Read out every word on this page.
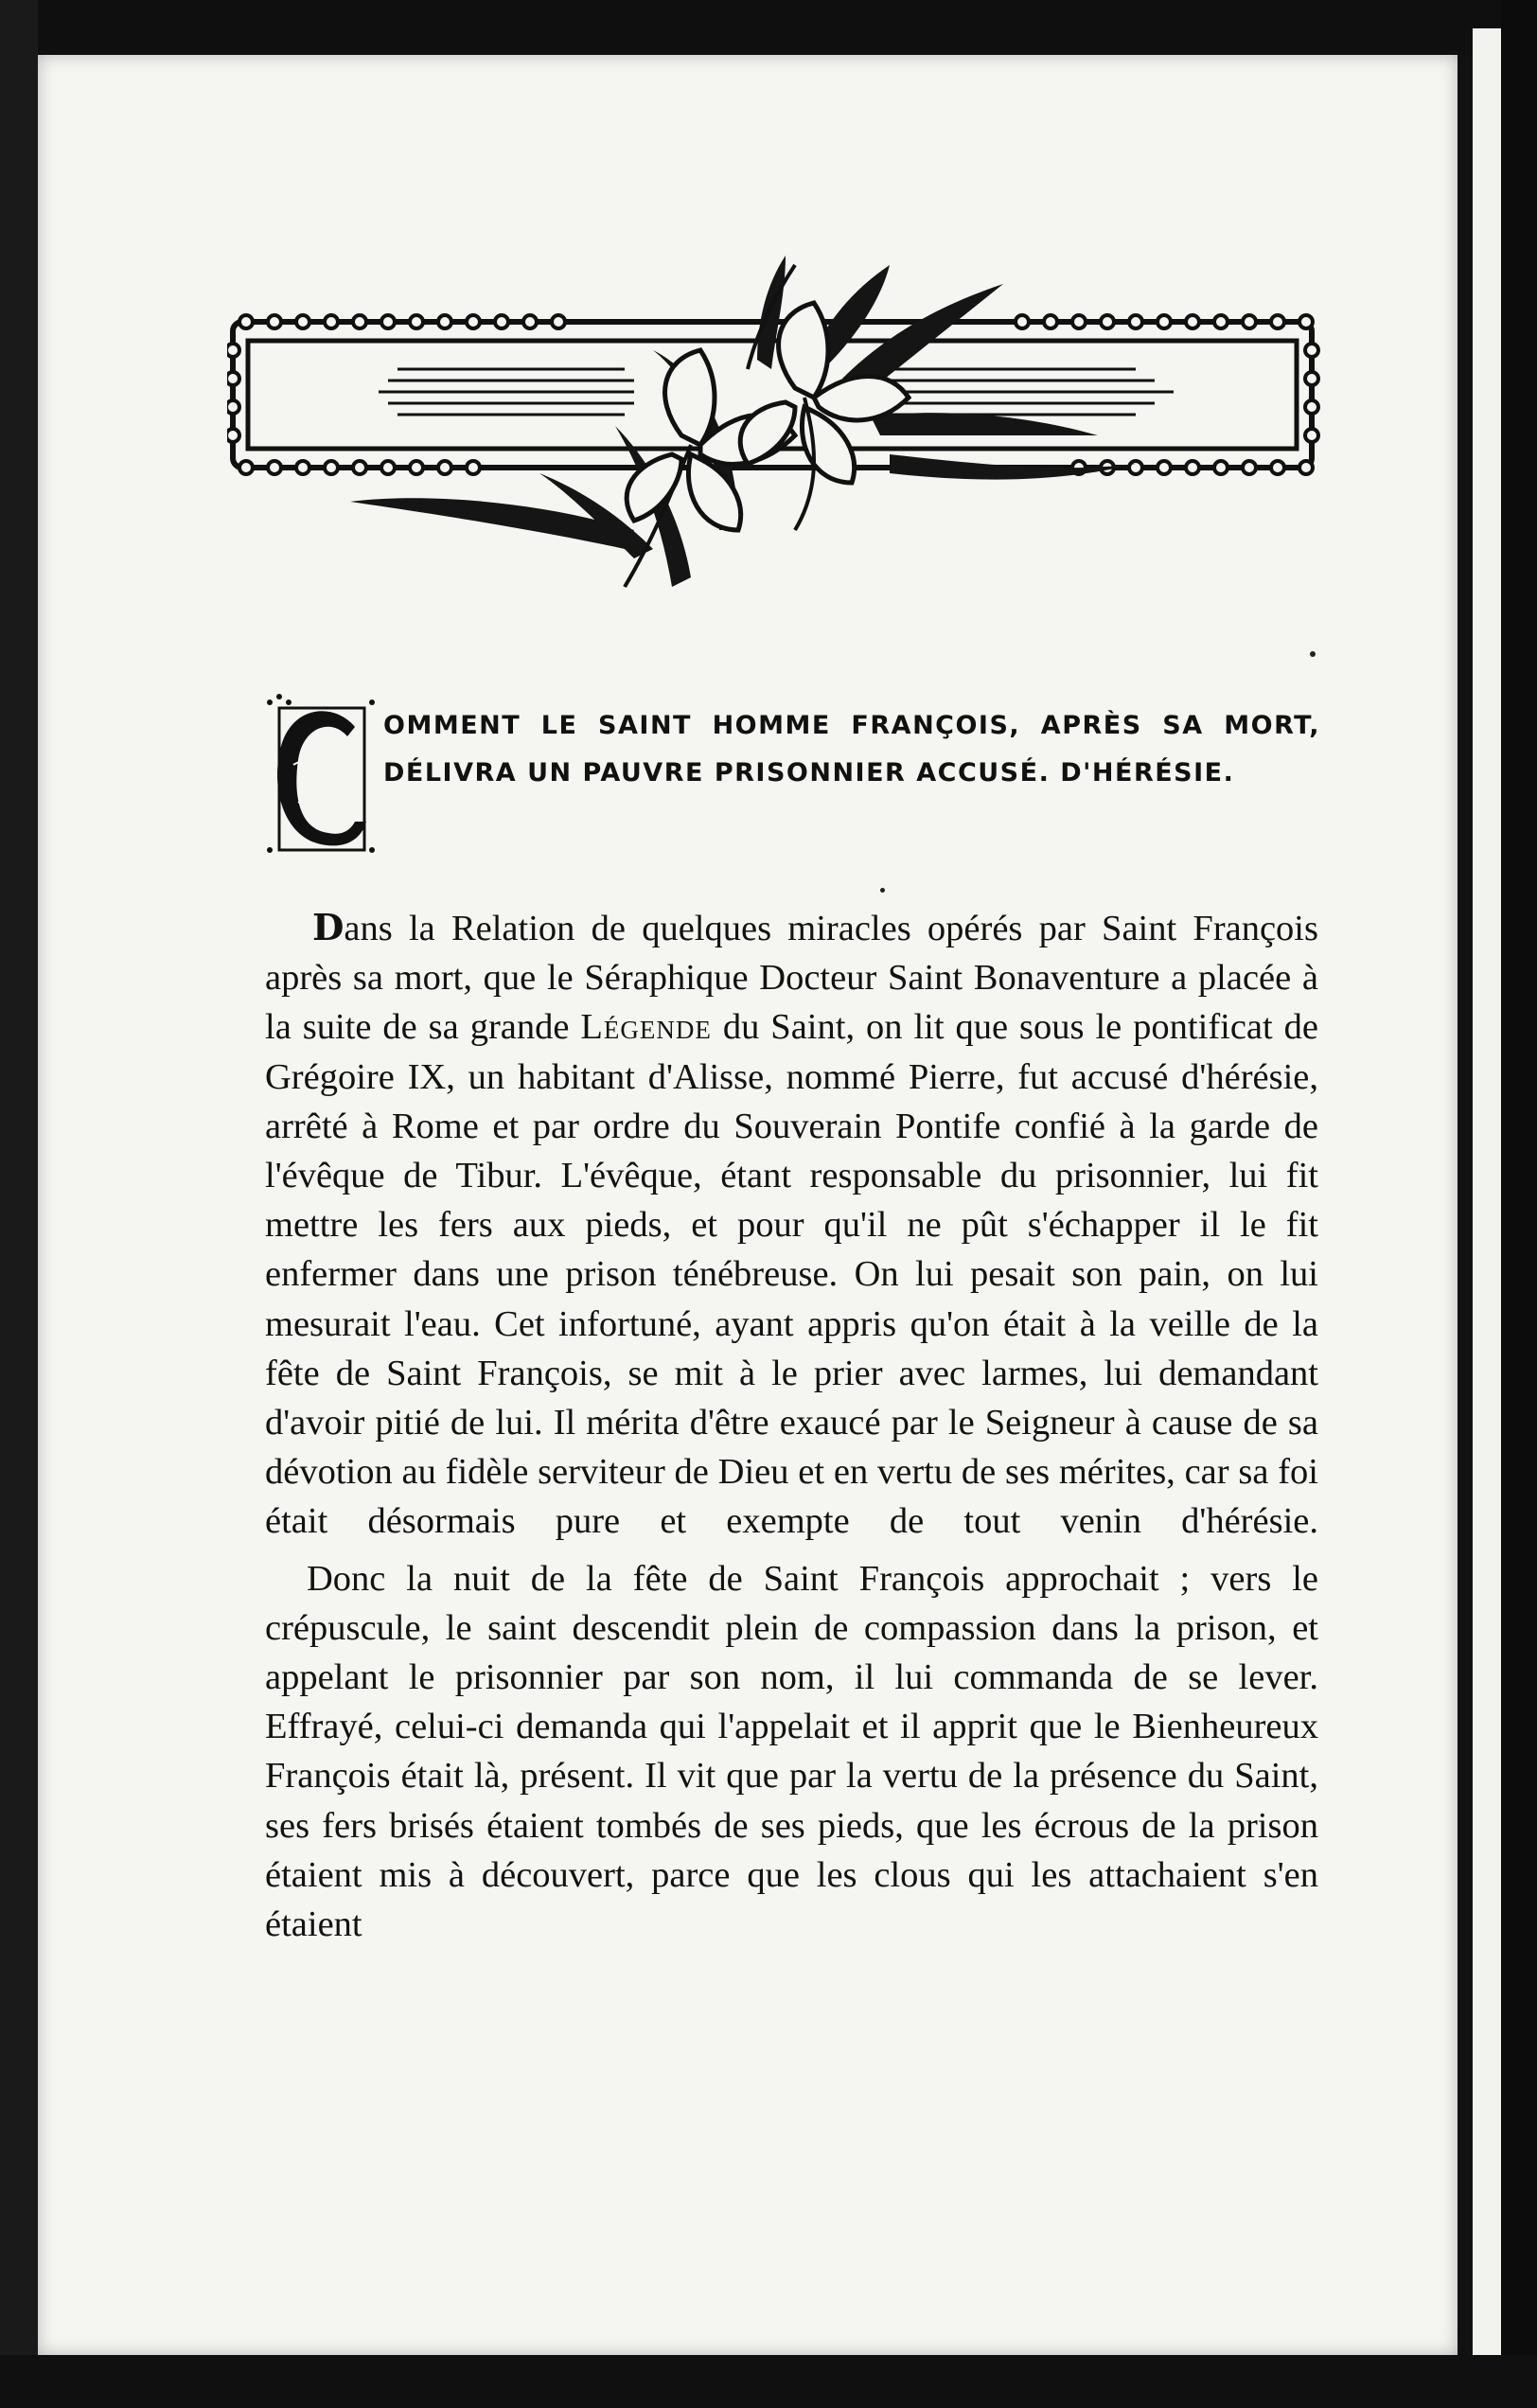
C
OMMENT LE SAINT HOMME FRANÇOIS, APRÈS SA MORT, DÉLIVRA UN PAUVRE PRISONNIER ACCUSÉ. D'HÉRÉSIE.

Dans la Relation de quelques miracles opérés par Saint François après sa mort, que le Séraphique Docteur Saint Bonaventure a placée à la suite de sa grande Légende du Saint, on lit que sous le pontificat de Grégoire IX, un habitant d'Alisse, nommé Pierre, fut accusé d'hérésie, arrêté à Rome et par ordre du Souverain Pontife confié à la garde de l'évêque de Tibur. L'évêque, étant responsable du prisonnier, lui fit mettre les fers aux pieds, et pour qu'il ne pût s'échapper il le fit enfermer dans une prison ténébreuse. On lui pesait son pain, on lui mesurait l'eau. Cet infortuné, ayant appris qu'on était à la veille de la fête de Saint François, se mit à le prier avec larmes, lui demandant d'avoir pitié de lui. Il mérita d'être exaucé par le Seigneur à cause de sa dévotion au fidèle serviteur de Dieu et en vertu de ses mérites, car sa foi était désormais pure et exempte de tout venin d'hérésie.

Donc la nuit de la fête de Saint François approchait ; vers le crépuscule, le saint descendit plein de compassion dans la prison, et appelant le prisonnier par son nom, il lui commanda de se lever. Effrayé, celui-ci demanda qui l'appelait et il apprit que le Bienheureux François était là, présent. Il vit que par la vertu de la présence du Saint, ses fers brisés étaient tombés de ses pieds, que les écrous de la prison étaient mis à découvert, parce que les clous qui les attachaient s'en étaient
